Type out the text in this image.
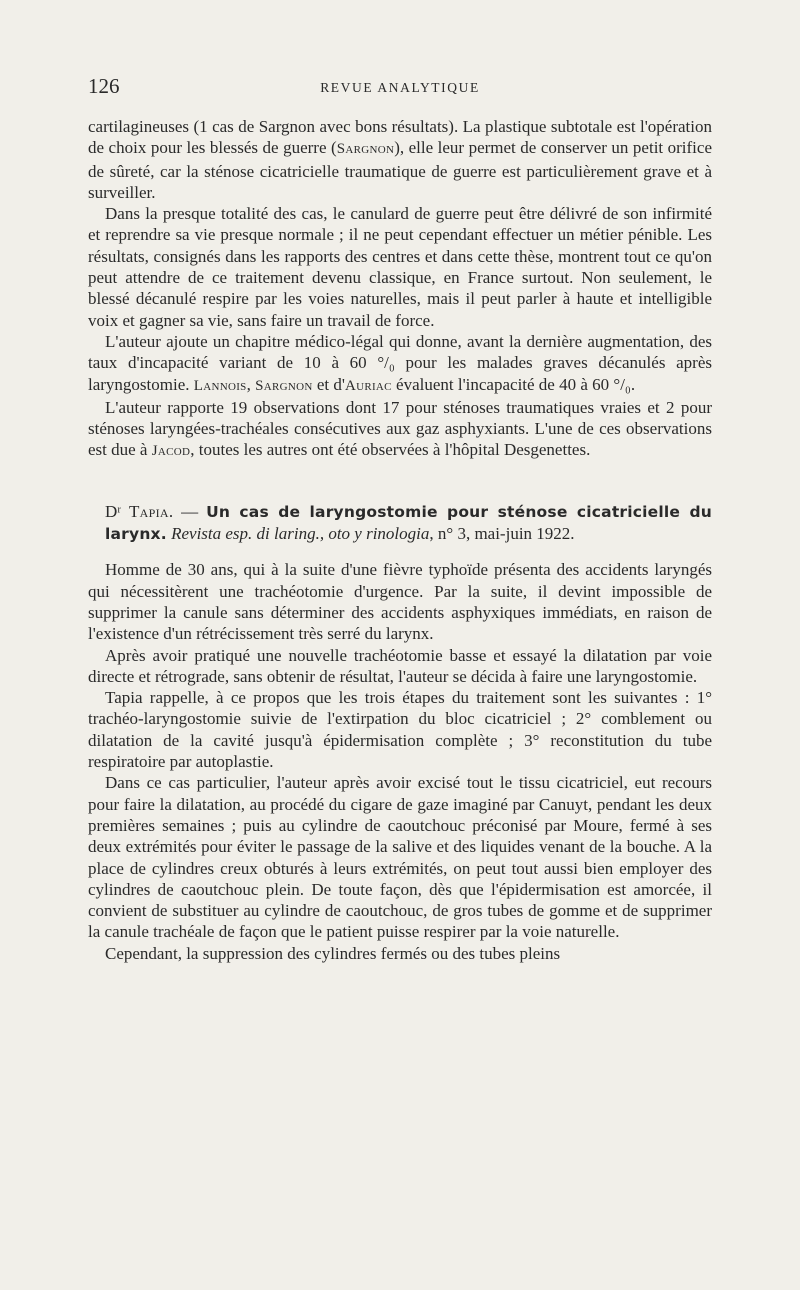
126	REVUE ANALYTIQUE

cartilagineuses (1 cas de Sargnon avec bons résultats). La plastique subtotale est l'opération de choix pour les blessés de guerre (Sargnon), elle leur permet de conserver un petit orifice de sûreté, car la sténose cicatricielle traumatique de guerre est particulièrement grave et à surveiller.

Dans la presque totalité des cas, le canulard de guerre peut être délivré de son infirmité et reprendre sa vie presque normale ; il ne peut cependant effectuer un métier pénible. Les résultats, consignés dans les rapports des centres et dans cette thèse, montrent tout ce qu'on peut attendre de ce traitement devenu classique, en France surtout. Non seulement, le blessé décanulé respire par les voies naturelles, mais il peut parler à haute et intelligible voix et gagner sa vie, sans faire un travail de force.

L'auteur ajoute un chapitre médico-légal qui donne, avant la dernière augmentation, des taux d'incapacité variant de 10 à 60 °/₀ pour les malades graves décanulés après laryngostomie. Lannois, Sargnon et d'Auriac évaluent l'incapacité de 40 à 60 °/₀.

L'auteur rapporte 19 observations dont 17 pour sténoses traumatiques vraies et 2 pour sténoses laryngées-trachéales consécutives aux gaz asphyxiants. L'une de ces observations est due à Jacod, toutes les autres ont été observées à l'hôpital Desgenettes.

Dʳ Tapia. — Un cas de laryngostomie pour sténose cicatricielle du larynx. Revista esp. di laring., oto y rinologia, n° 3, mai-juin 1922.

Homme de 30 ans, qui à la suite d'une fièvre typhoïde présenta des accidents laryngés qui nécessitèrent une trachéotomie d'urgence. Par la suite, il devint impossible de supprimer la canule sans déterminer des accidents asphyxiques immédiats, en raison de l'existence d'un rétrécissement très serré du larynx.

Après avoir pratiqué une nouvelle trachéotomie basse et essayé la dilatation par voie directe et rétrograde, sans obtenir de résultat, l'auteur se décida à faire une laryngostomie.

Tapia rappelle, à ce propos que les trois étapes du traitement sont les suivantes : 1° trachéo-laryngostomie suivie de l'extirpation du bloc cicatriciel ; 2° comblement ou dilatation de la cavité jusqu'à épidermisation complète ; 3° reconstitution du tube respiratoire par autoplastie.

Dans ce cas particulier, l'auteur après avoir excisé tout le tissu cicatriciel, eut recours pour faire la dilatation, au procédé du cigare de gaze imaginé par Canuyt, pendant les deux premières semaines ; puis au cylindre de caoutchouc préconisé par Moure, fermé à ses deux extrémités pour éviter le passage de la salive et des liquides venant de la bouche. A la place de cylindres creux obturés à leurs extrémités, on peut tout aussi bien employer des cylindres de caoutchouc plein. De toute façon, dès que l'épidermisation est amorcée, il convient de substituer au cylindre de caoutchouc, de gros tubes de gomme et de supprimer la canule trachéale de façon que le patient puisse respirer par la voie naturelle.

Cependant, la suppression des cylindres fermés ou des tubes pleins
